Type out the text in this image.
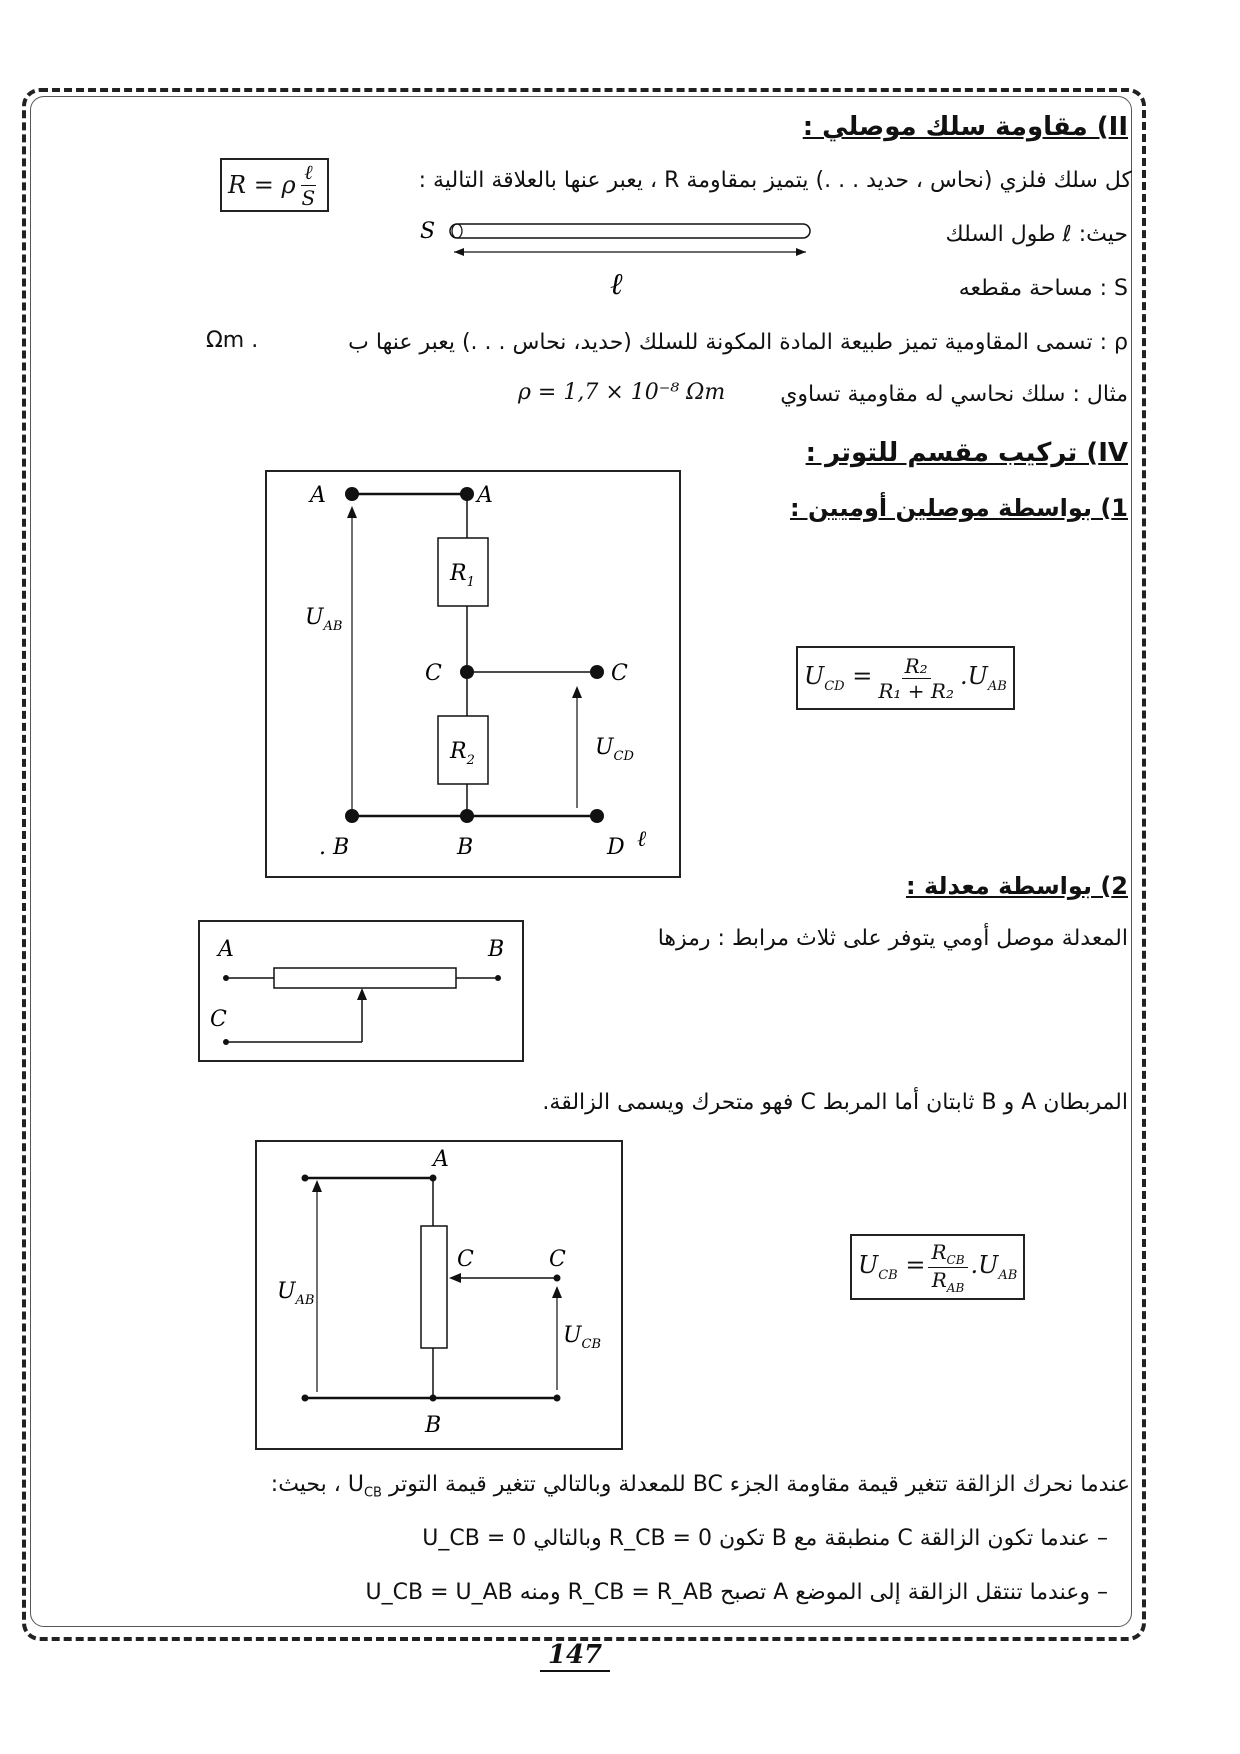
II) مقاومة سلك موصلي :
كل سلك فلزي (نحاس ، حديد . . .) يتميز بمقاومة R ، يعبر عنها بالعلاقة التالية :
R = ρ $\frac{\text{ℓ}}{S}$
حيث: ℓ طول السلك
S : مساحة مقطعه
ρ : تسمى المقاومية تميز طبيعة المادة المكونة للسلك (حديد، نحاس . . .) يعبر عنها ب
Ωm .
مثال : سلك نحاسي له مقاومية تساوي
ρ = 1,7 × 10⁻⁸ Ωm
S
ℓ
IV) تركيب مقسم للتوتر :
1) بواسطة موصلين أوميين :
A	A
$R_1$
$R_2$
C	C
$U_{AB}$
$U_{CD}$
. B	B	D ℓ
$U_{CD} = \frac{\text{R₂}}{\text{R₁ + R₂}} .U_{AB}$
2) بواسطة معدلة :
المعدلة موصل أومي يتوفر على ثلاث مرابط : رمزها
A	B
C
المربطان A و B ثابتان أما المربط C فهو متحرك ويسمى الزالقة.
A
C	C
B
$U_{AB}$
$U_{CB}$
$U_{CB} = \frac{R_{CB}}{R_{AB}} .U_{AB}$
عندما نحرك الزالقة تتغير قيمة مقاومة الجزء BC للمعدلة وبالتالي تتغير قيمة التوتر $U_{CB}$ ، بحيث:
– عندما تكون الزالقة C منطبقة مع B تكون R_CB = 0 وبالتالي U_CB = 0
– وعندما تنتقل الزالقة إلى الموضع A تصبح R_CB = R_AB ومنه U_CB = U_AB
147
